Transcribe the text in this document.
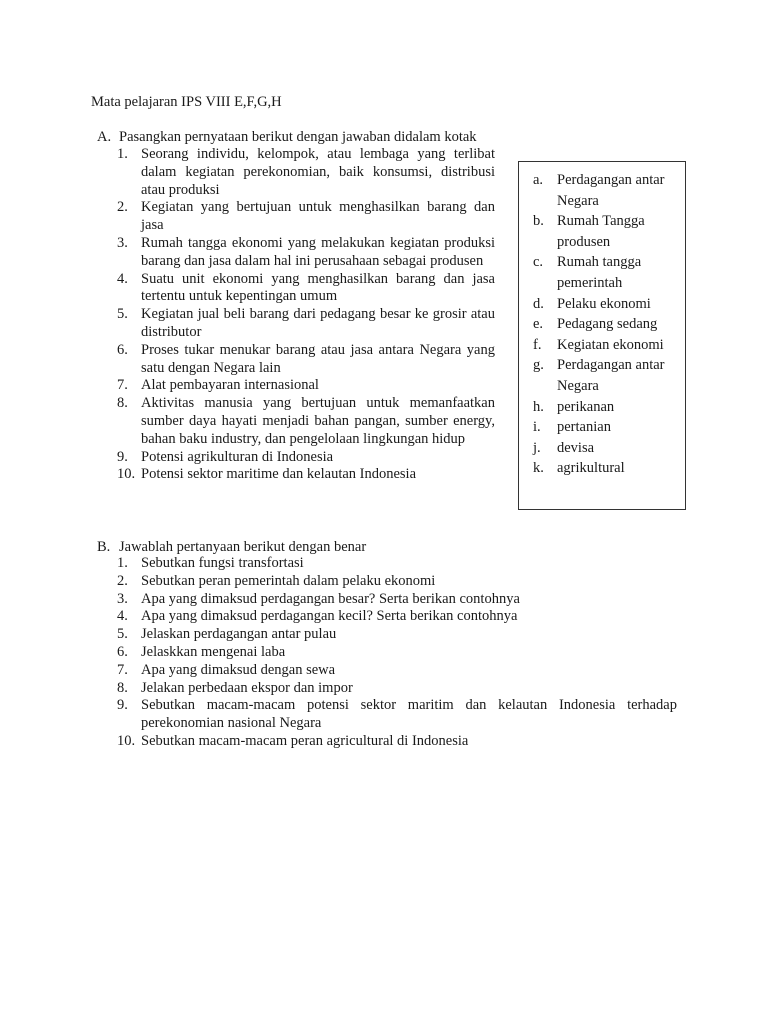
Mata pelajaran IPS VIII E,F,G,H
A. Pasangkan pernyataan berikut dengan jawaban didalam kotak
1. Seorang individu, kelompok, atau lembaga yang terlibat dalam kegiatan perekonomian, baik konsumsi, distribusi atau produksi
2. Kegiatan yang bertujuan untuk menghasilkan barang dan jasa
3. Rumah tangga ekonomi yang melakukan kegiatan produksi barang dan jasa dalam hal ini perusahaan sebagai produsen
4. Suatu unit ekonomi yang menghasilkan barang dan jasa tertentu untuk kepentingan umum
5. Kegiatan jual beli barang dari pedagang besar ke grosir atau distributor
6. Proses tukar menukar barang atau jasa antara Negara yang satu dengan Negara lain
7. Alat pembayaran internasional
8. Aktivitas manusia yang bertujuan untuk memanfaatkan sumber daya hayati menjadi bahan pangan, sumber energy, bahan baku industry, dan pengelolaan lingkungan hidup
9. Potensi agrikulturan di Indonesia
10. Potensi sektor maritime dan kelautan Indonesia
a. Perdagangan antar Negara
b. Rumah Tangga produsen
c. Rumah tangga pemerintah
d. Pelaku ekonomi
e. Pedagang sedang
f. Kegiatan ekonomi
g. Perdagangan antar Negara
h. perikanan
i. pertanian
j. devisa
k. agrikultural
B. Jawablah pertanyaan berikut dengan benar
1. Sebutkan fungsi transfortasi
2. Sebutkan peran pemerintah dalam pelaku ekonomi
3. Apa yang dimaksud perdagangan besar? Serta berikan contohnya
4. Apa yang dimaksud perdagangan kecil? Serta berikan contohnya
5. Jelaskan perdagangan antar pulau
6. Jelaskkan mengenai laba
7. Apa yang dimaksud dengan sewa
8. Jelakan perbedaan ekspor dan impor
9. Sebutkan macam-macam potensi sektor maritim dan kelautan Indonesia terhadap perekonomian nasional Negara
10. Sebutkan macam-macam peran agricultural di Indonesia
